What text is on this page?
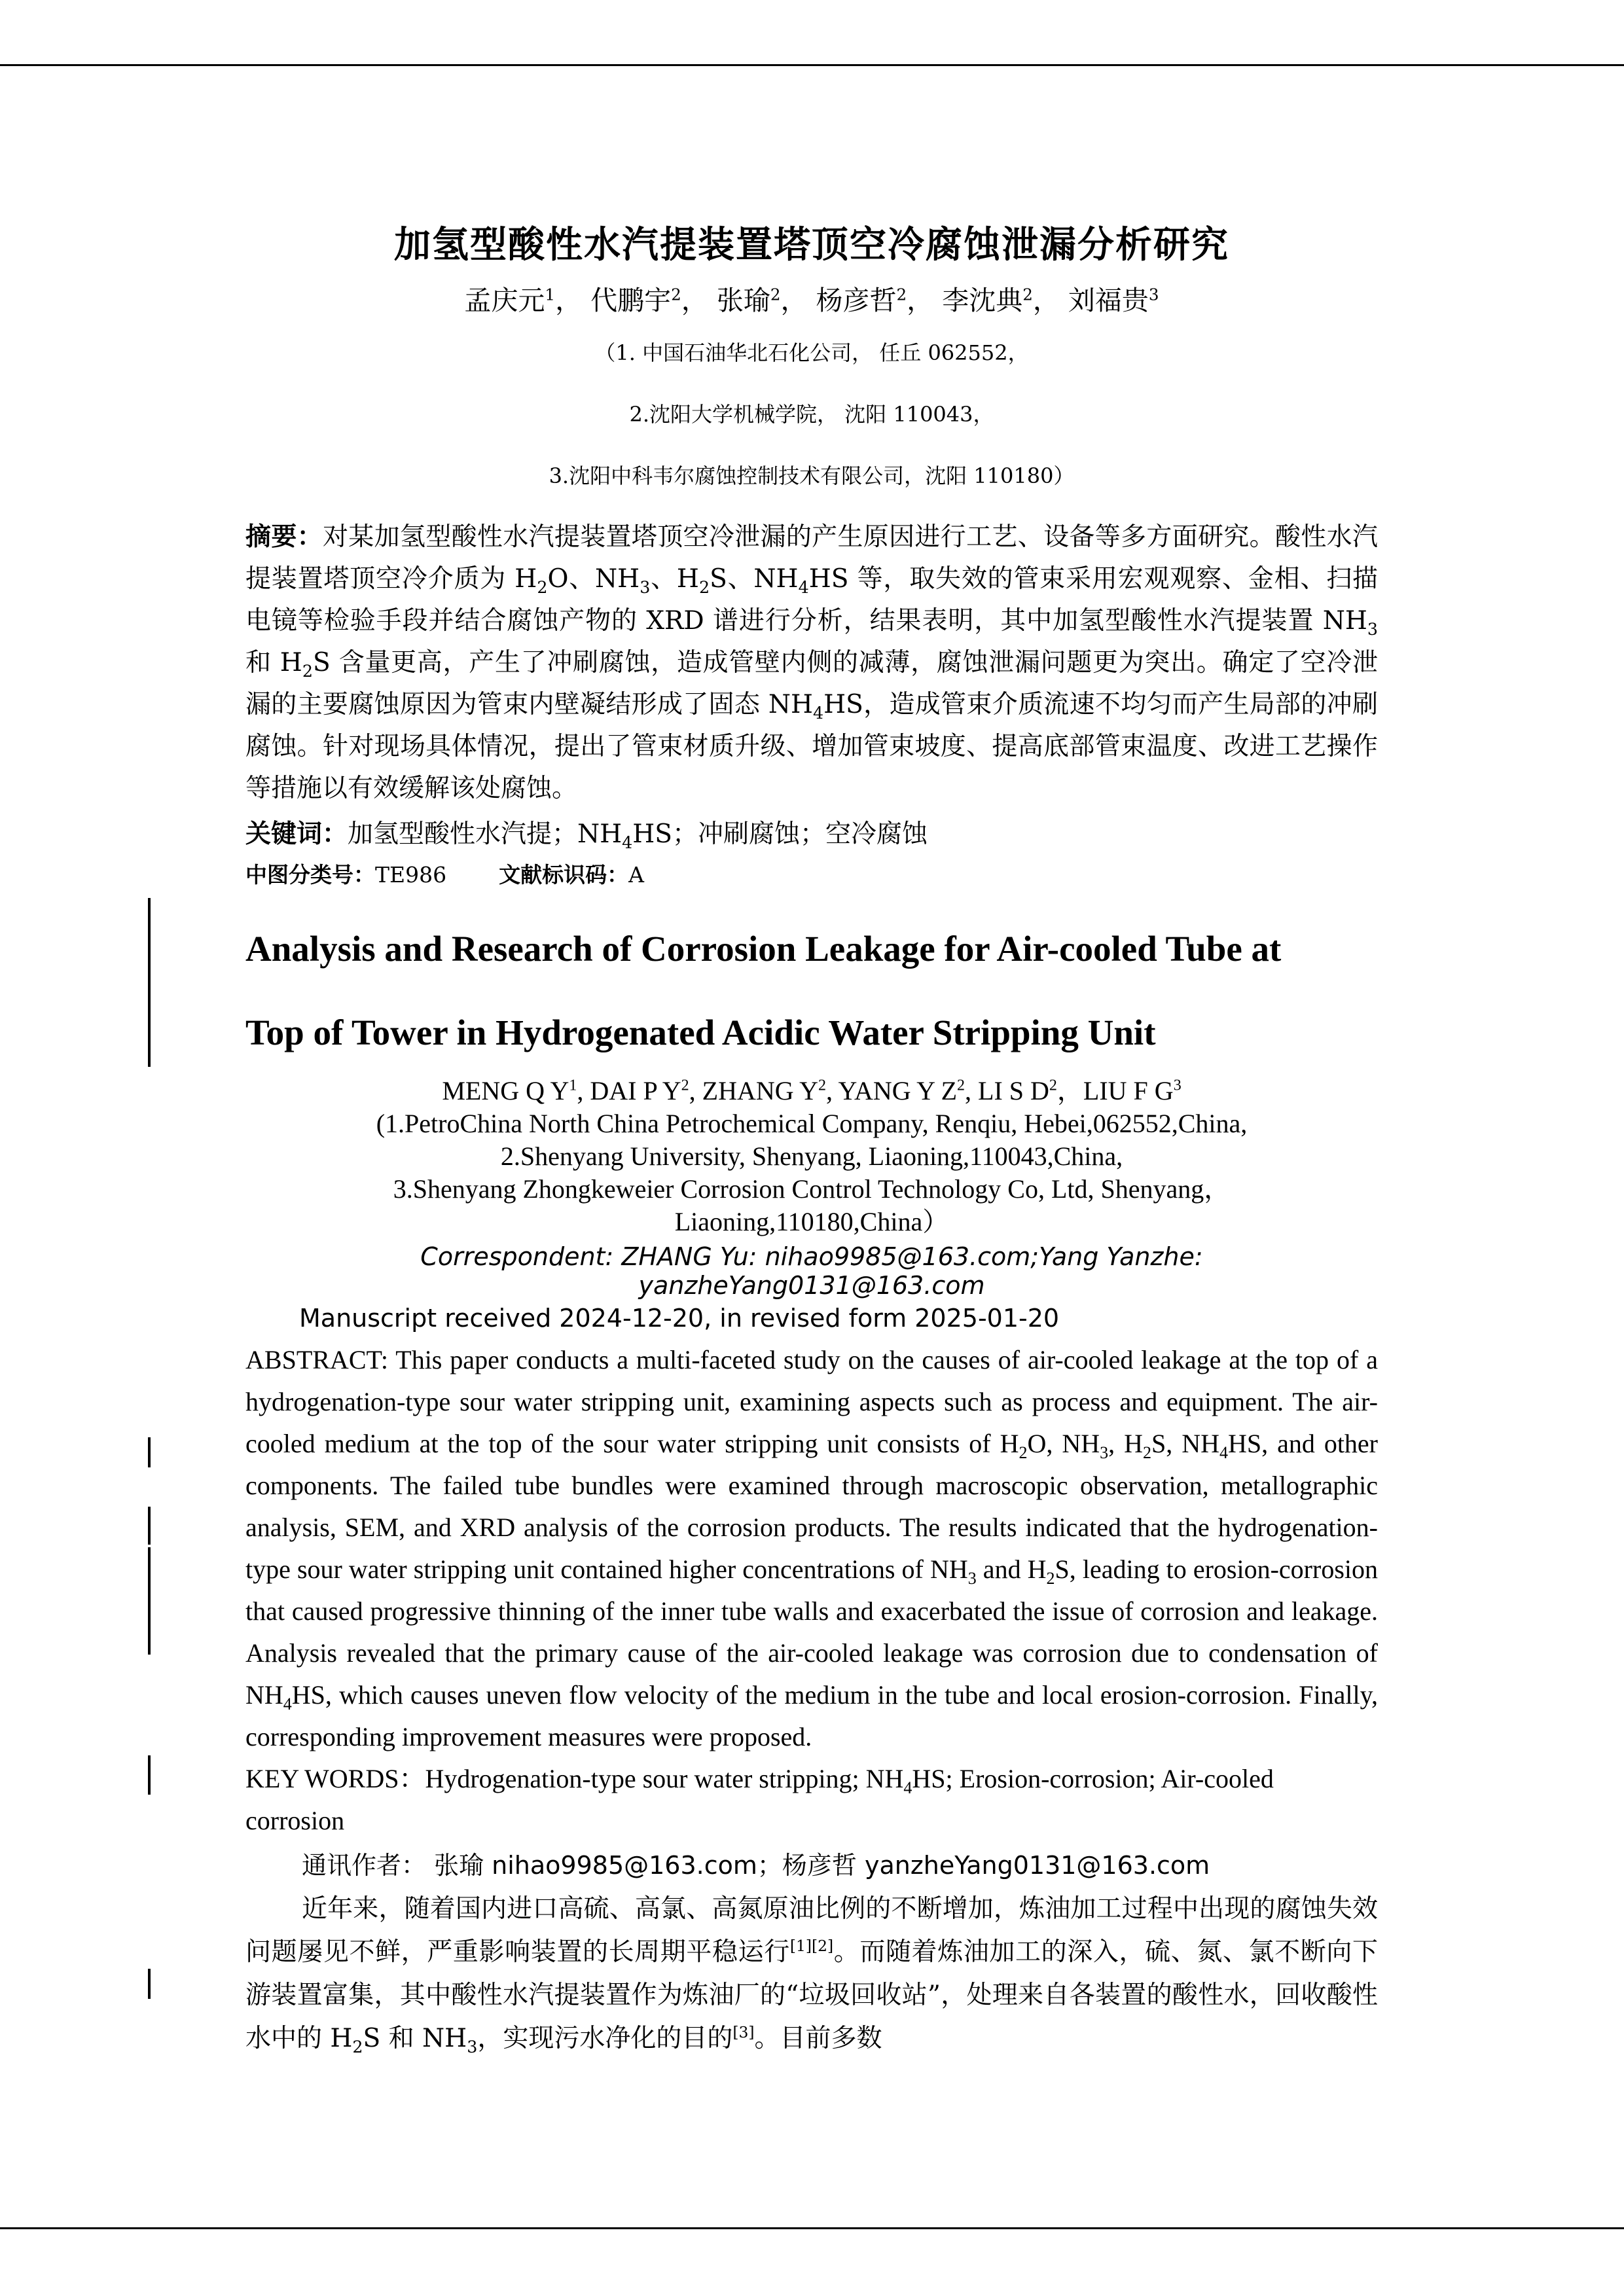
加氢型酸性水汽提装置塔顶空冷腐蚀泄漏分析研究
孟庆元$^1$， 代鹏宇$^2$， 张瑜$^2$， 杨彦哲$^2$， 李沈典$^2$， 刘福贵$^3$
（1. 中国石油华北石化公司， 任丘 062552，
2.沈阳大学机械学院， 沈阳 110043，
3.沈阳中科韦尔腐蚀控制技术有限公司，沈阳 110180）
摘要：对某加氢型酸性水汽提装置塔顶空冷泄漏的产生原因进行工艺、设备等多方面研究。酸性水汽提装置塔顶空冷介质为 $H_2O$、$NH_3$、$H_2S$、$NH_4HS$ 等，取失效的管束采用宏观观察、金相、扫描电镜等检验手段并结合腐蚀产物的 XRD 谱进行分析，结果表明，其中加氢型酸性水汽提装置 $NH_3$和 $H_2S$ 含量更高，产生了冲刷腐蚀，造成管壁内侧的减薄，腐蚀泄漏问题更为突出。确定了空冷泄漏的主要腐蚀原因为管束内壁凝结形成了固态 $NH_4HS$，造成管束介质流速不均匀而产生局部的冲刷腐蚀。针对现场具体情况，提出了管束材质升级、增加管束坡度、提高底部管束温度、改进工艺操作等措施以有效缓解该处腐蚀。
关键词：加氢型酸性水汽提；$NH_4HS$；冲刷腐蚀；空冷腐蚀
中图分类号：TE986 文献标识码：A
Analysis and Research of Corrosion Leakage for Air-cooled Tube at
Top of Tower in Hydrogenated Acidic Water Stripping Unit
MENG Q $Y^1$, DAI P $Y^2$, ZHANG $Y^2$, YANG Y $Z^2$, LI S $D^2$，LIU F $G^3$
(1.PetroChina North China Petrochemical Company, Renqiu, Hebei,062552,China,
2.Shenyang University, Shenyang, Liaoning,110043,China,
3.Shenyang Zhongkeweier Corrosion Control Technology Co, Ltd, Shenyang，
Liaoning,110180,China）
Correspondent: ZHANG Yu: nihao9985@163.com;Yang Yanzhe: yanzheYang0131@163.com
Manuscript received 2024-12-20, in revised form 2025-01-20
ABSTRACT: This paper conducts a multi-faceted study on the causes of air-cooled leakage at the top of a hydrogenation-type sour water stripping unit, examining aspects such as process and equipment. The air-cooled medium at the top of the sour water stripping unit consists of $H_2O$, $NH_3$, $H_2S$, $NH_4HS$, and other components. The failed tube bundles were examined through macroscopic observation, metallographic analysis, SEM, and XRD analysis of the corrosion products. The results indicated that the hydrogenation-type sour water stripping unit contained higher concentrations of $NH_3$ and $H_2S$, leading to erosion-corrosion that caused progressive thinning of the inner tube walls and exacerbated the issue of corrosion and leakage. Analysis revealed that the primary cause of the air-cooled leakage was corrosion due to condensation of $NH_4HS$, which causes uneven flow velocity of the medium in the tube and local erosion-corrosion. Finally, corresponding improvement measures were proposed.
KEY WORDS：Hydrogenation-type sour water stripping; $NH_4HS$; Erosion-corrosion; Air-cooled corrosion
通讯作者： 张瑜 nihao9985@163.com；杨彦哲 yanzheYang0131@163.com
近年来，随着国内进口高硫、高氯、高氮原油比例的不断增加，炼油加工过程中出现的腐蚀失效问题屡见不鲜，严重影响装置的长周期平稳运行[1][2]。而随着炼油加工的深入，硫、氮、氯不断向下游装置富集，其中酸性水汽提装置作为炼油厂的“垃圾回收站”，处理来自各装置的酸性水，回收酸性水中的 $H_2S$ 和 $NH_3$，实现污水净化的目的[3]。目前多数
